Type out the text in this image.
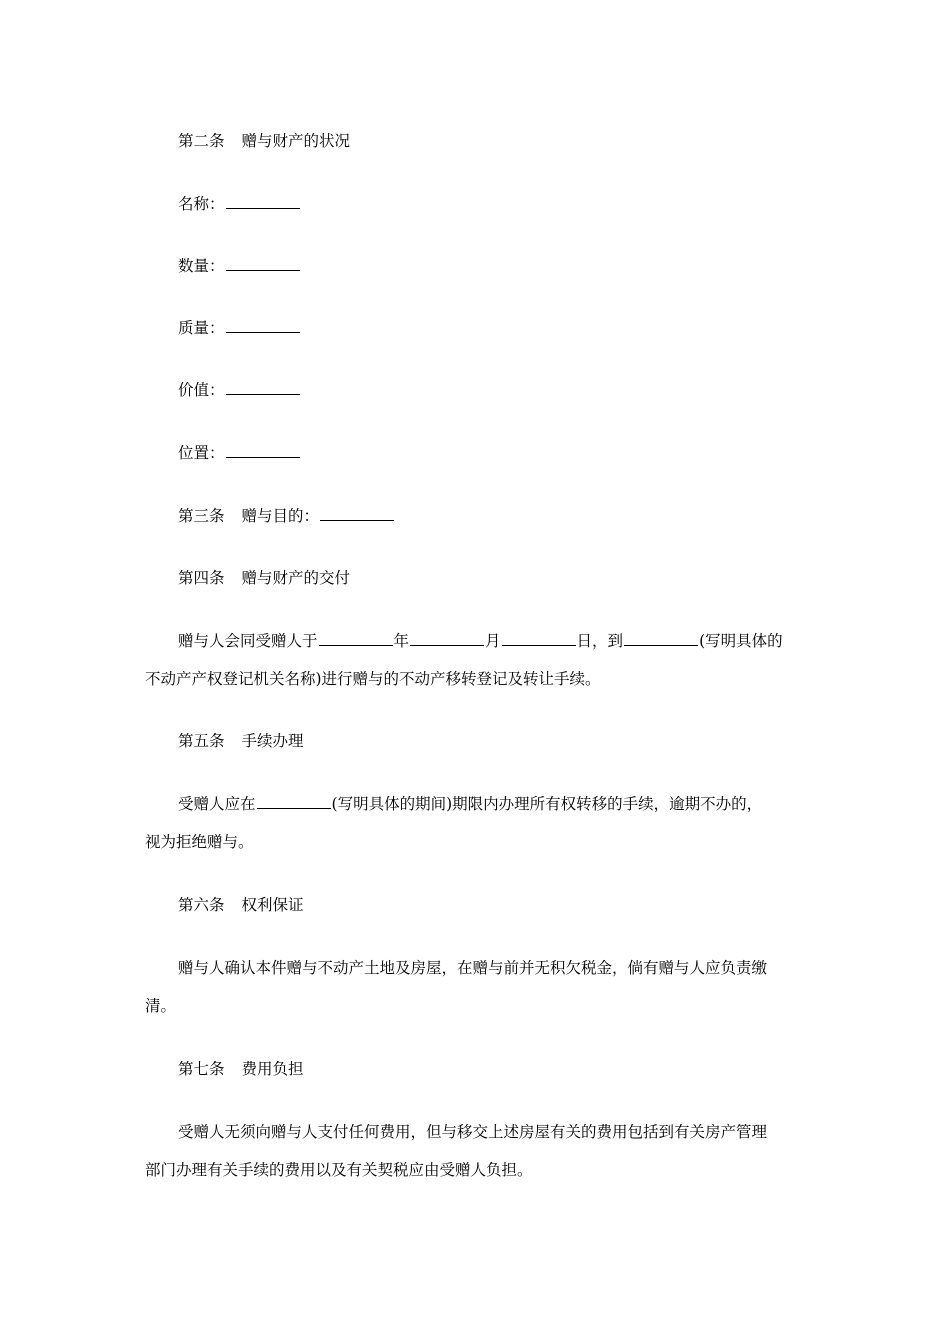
第二条 赠与财产的状况
名称：
数量：
质量：
价值：
位置：
第三条 赠与目的：
第四条 赠与财产的交付
赠与人会同受赠人于	年	月	日，到	(写明具体的
不动产产权登记机关名称)进行赠与的不动产移转登记及转让手续。
第五条 手续办理
受赠人应在	(写明具体的期间)期限内办理所有权转移的手续，逾期不办的，
视为拒绝赠与。
第六条 权利保证
赠与人确认本件赠与不动产土地及房屋，在赠与前并无积欠税金，倘有赠与人应负责缴
清。
第七条 费用负担
受赠人无须向赠与人支付任何费用，但与移交上述房屋有关的费用包括到有关房产管理
部门办理有关手续的费用以及有关契税应由受赠人负担。
